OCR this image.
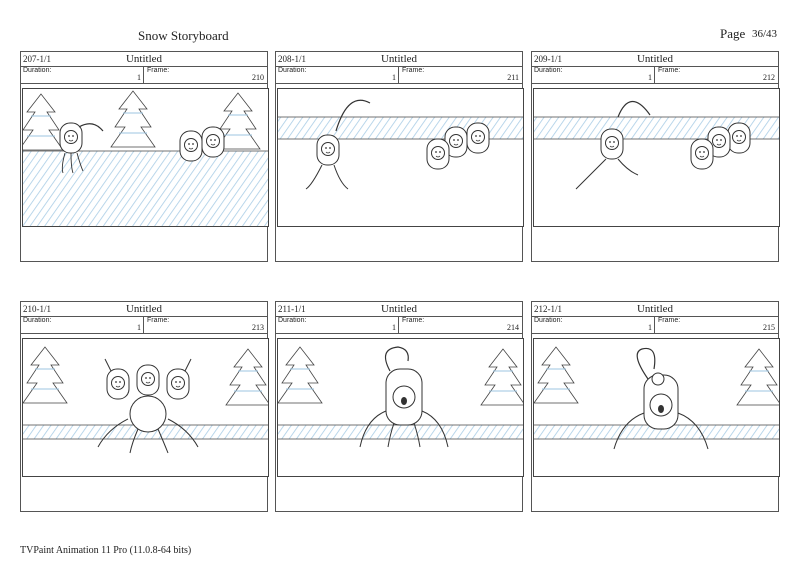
Snow Storyboard	Page 36/43
207-1/1	Untitled
Duration:
1
Frame:
210
208-1/1	Untitled
Duration:
1
Frame:
211
209-1/1	Untitled
Duration:
1
Frame:
212
210-1/1	Untitled
Duration:
1
Frame:
213
211-1/1	Untitled
Duration:
1
Frame:
214
212-1/1	Untitled
Duration:
1
Frame:
215
TVPaint Animation 11 Pro (11.0.8-64 bits)
